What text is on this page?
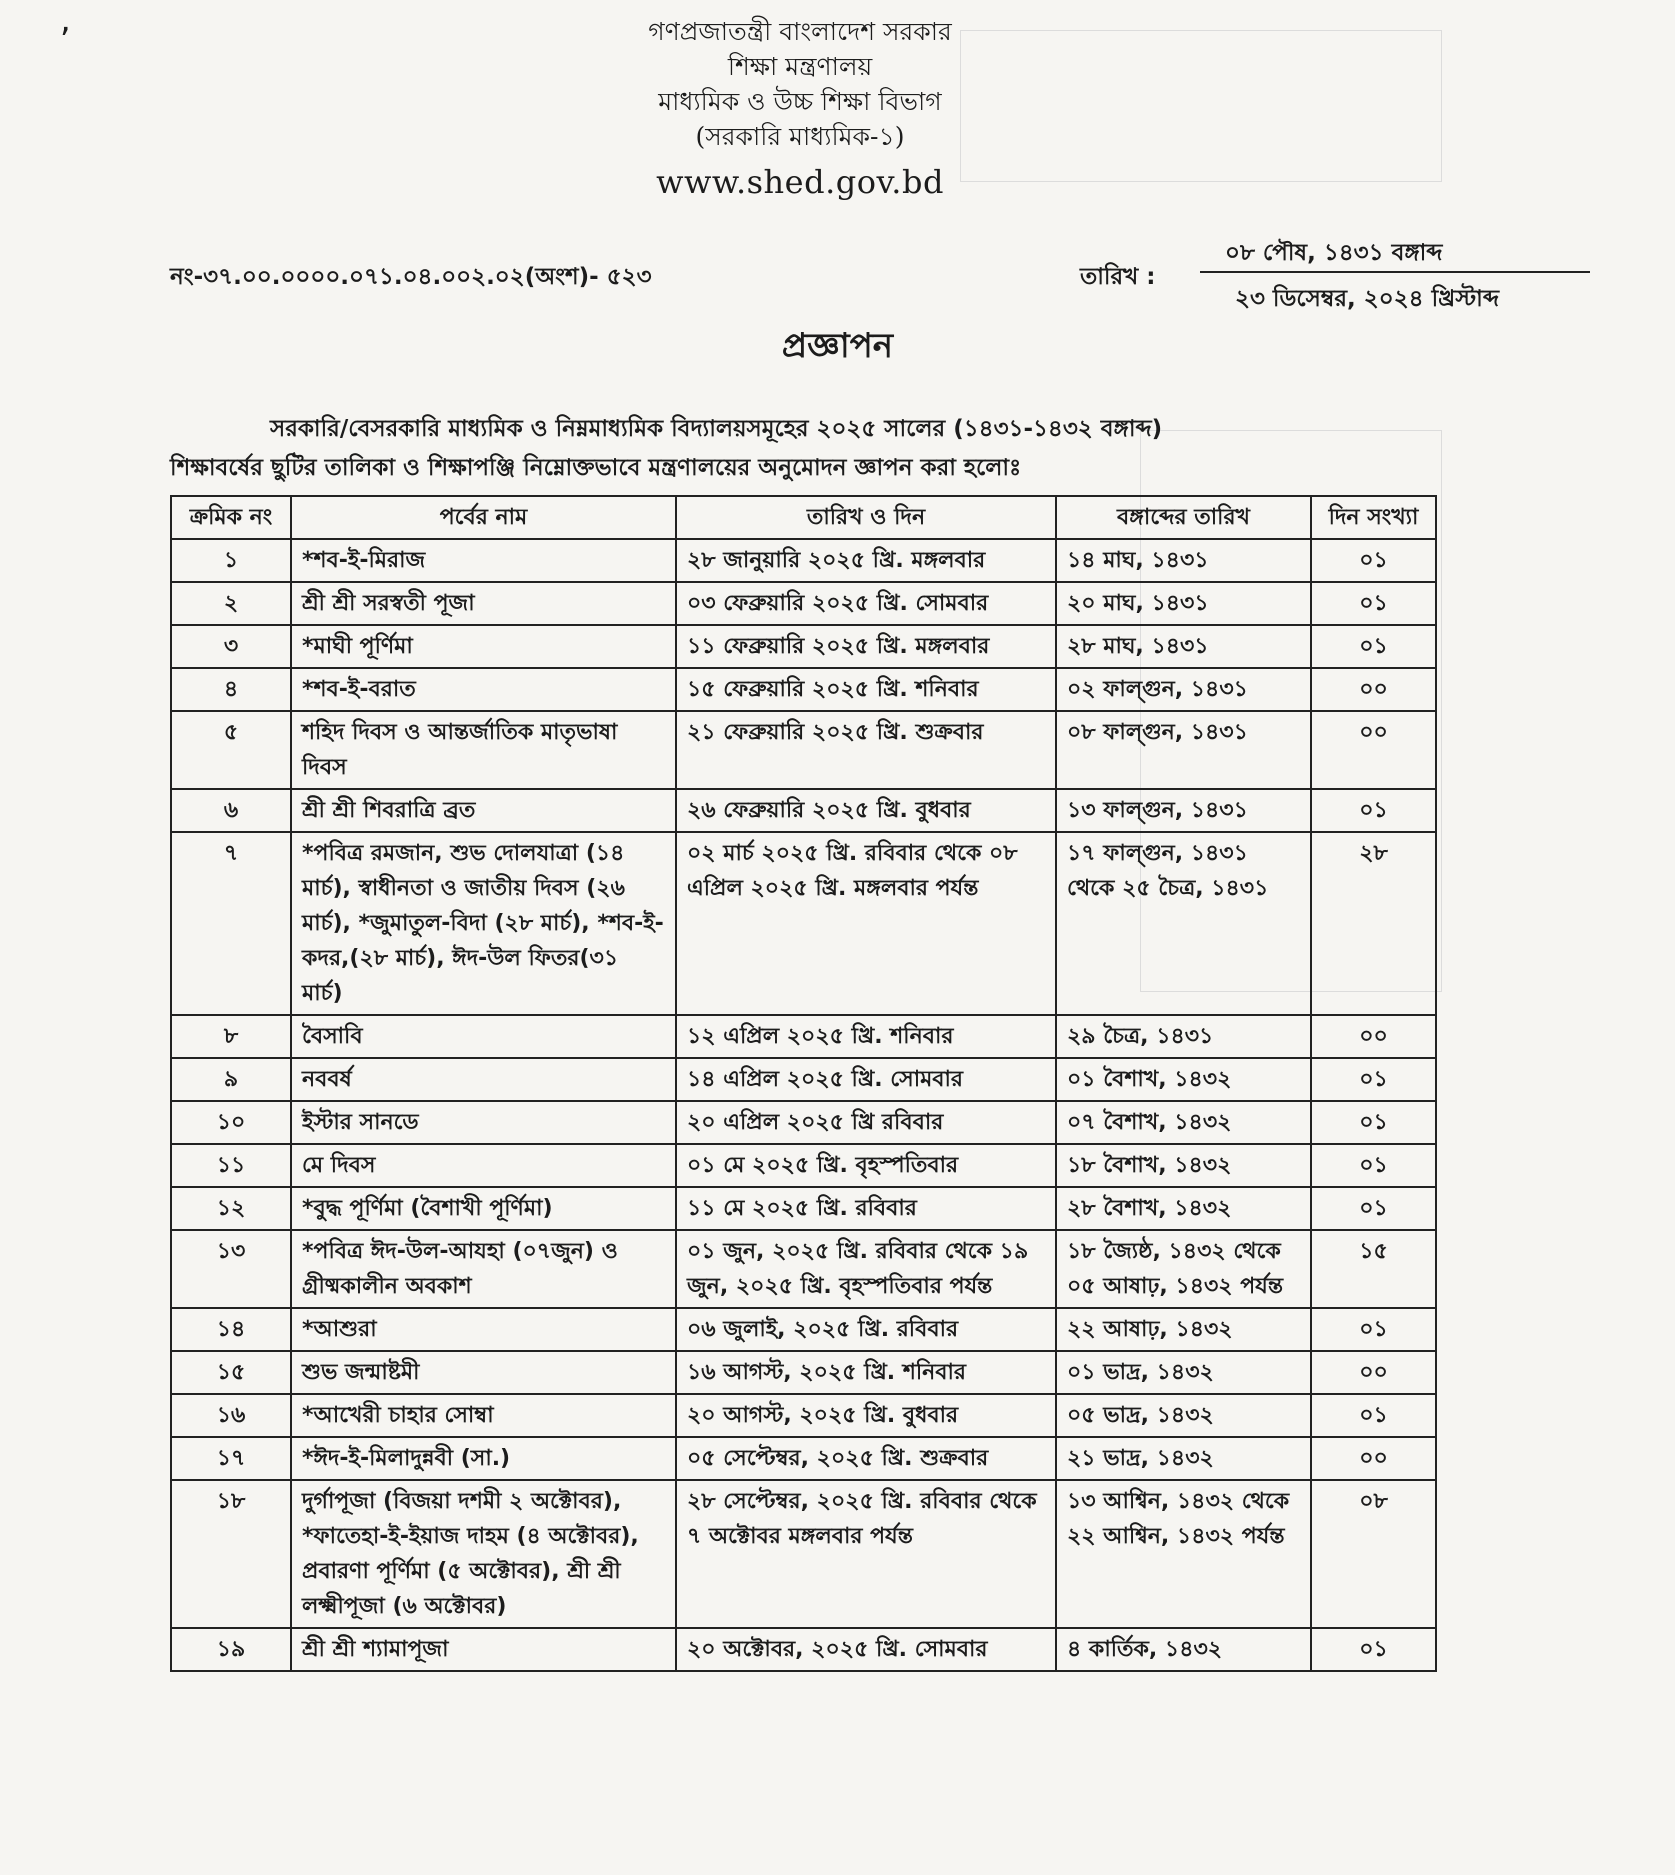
,	গণপ্রজাতন্ত্রী বাংলাদেশ সরকার
শিক্ষা মন্ত্রণালয়
মাধ্যমিক ও উচ্চ শিক্ষা বিভাগ
(সরকারি মাধ্যমিক-১)
www.shed.gov.bd
নং-৩৭.০০.০০০০.০৭১.০৪.০০২.০২(অংশ)- ৫২৩	তারিখ :
০৮ পৌষ, ১৪৩১ বঙ্গাব্দ
২৩ ডিসেম্বর, ২০২৪ খ্রিস্টাব্দ
প্রজ্ঞাপন
সরকারি/বেসরকারি মাধ্যমিক ও নিম্নমাধ্যমিক বিদ্যালয়সমূহের ২০২৫ সালের (১৪৩১-১৪৩২ বঙ্গাব্দ)
শিক্ষাবর্ষের ছুটির তালিকা ও শিক্ষাপঞ্জি নিম্নোক্তভাবে মন্ত্রণালয়ের অনুমোদন জ্ঞাপন করা হলোঃ
ক্রমিক নং	পর্বের নাম	তারিখ ও দিন	বঙ্গাব্দের তারিখ	দিন সংখ্যা
১	*শব-ই-মিরাজ	২৮ জানুয়ারি ২০২৫ খ্রি. মঙ্গলবার	১৪ মাঘ, ১৪৩১	০১
২	শ্রী শ্রী সরস্বতী পূজা	০৩ ফেব্রুয়ারি ২০২৫ খ্রি. সোমবার	২০ মাঘ, ১৪৩১	০১
৩	*মাঘী পূর্ণিমা	১১ ফেব্রুয়ারি ২০২৫ খ্রি. মঙ্গলবার	২৮ মাঘ, ১৪৩১	০১
৪	*শব-ই-বরাত	১৫ ফেব্রুয়ারি ২০২৫ খ্রি. শনিবার	০২ ফাল্গুন, ১৪৩১	০০
৫	শহিদ দিবস ও আন্তর্জাতিক মাতৃভাষা দিবস	২১ ফেব্রুয়ারি ২০২৫ খ্রি. শুক্রবার	০৮ ফাল্গুন, ১৪৩১	০০
৬	শ্রী শ্রী শিবরাত্রি ব্রত	২৬ ফেব্রুয়ারি ২০২৫ খ্রি. বুধবার	১৩ ফাল্গুন, ১৪৩১	০১
৭	*পবিত্র রমজান, শুভ দোলযাত্রা (১৪ মার্চ), স্বাধীনতা ও জাতীয় দিবস (২৬ মার্চ), *জুমাতুল-বিদা (২৮ মার্চ), *শব-ই-কদর,(২৮ মার্চ), ঈদ-উল ফিতর(৩১ মার্চ)	০২ মার্চ ২০২৫ খ্রি. রবিবার থেকে ০৮ এপ্রিল ২০২৫ খ্রি. মঙ্গলবার পর্যন্ত	১৭ ফাল্গুন, ১৪৩১ থেকে ২৫ চৈত্র, ১৪৩১	২৮
৮	বৈসাবি	১২ এপ্রিল ২০২৫ খ্রি. শনিবার	২৯ চৈত্র, ১৪৩১	০০
৯	নববর্ষ	১৪ এপ্রিল ২০২৫ খ্রি. সোমবার	০১ বৈশাখ, ১৪৩২	০১
১০	ইস্টার সানডে	২০ এপ্রিল ২০২৫ খ্রি রবিবার	০৭ বৈশাখ, ১৪৩২	০১
১১	মে দিবস	০১ মে ২০২৫ খ্রি. বৃহস্পতিবার	১৮ বৈশাখ, ১৪৩২	০১
১২	*বুদ্ধ পূর্ণিমা (বৈশাখী পূর্ণিমা)	১১ মে ২০২৫ খ্রি. রবিবার	২৮ বৈশাখ, ১৪৩২	০১
১৩	*পবিত্র ঈদ-উল-আযহা (০৭জুন) ও গ্রীষ্মকালীন অবকাশ	০১ জুন, ২০২৫ খ্রি. রবিবার থেকে ১৯ জুন, ২০২৫ খ্রি. বৃহস্পতিবার পর্যন্ত	১৮ জ্যৈষ্ঠ, ১৪৩২ থেকে ০৫ আষাঢ়, ১৪৩২ পর্যন্ত	১৫
১৪	*আশুরা	০৬ জুলাই, ২০২৫ খ্রি. রবিবার	২২ আষাঢ়, ১৪৩২	০১
১৫	শুভ জন্মাষ্টমী	১৬ আগস্ট, ২০২৫ খ্রি. শনিবার	০১ ভাদ্র, ১৪৩২	০০
১৬	*আখেরী চাহার সোম্বা	২০ আগস্ট, ২০২৫ খ্রি. বুধবার	০৫ ভাদ্র, ১৪৩২	০১
১৭	*ঈদ-ই-মিলাদুন্নবী (সা.)	০৫ সেপ্টেম্বর, ২০২৫ খ্রি. শুক্রবার	২১ ভাদ্র, ১৪৩২	০০
১৮	দুর্গাপূজা (বিজয়া দশমী ২ অক্টোবর), *ফাতেহা-ই-ইয়াজ দাহম (৪ অক্টোবর), প্রবারণা পূর্ণিমা (৫ অক্টোবর), শ্রী শ্রী লক্ষ্মীপূজা (৬ অক্টোবর)	২৮ সেপ্টেম্বর, ২০২৫ খ্রি. রবিবার থেকে ৭ অক্টোবর মঙ্গলবার পর্যন্ত	১৩ আশ্বিন, ১৪৩২ থেকে ২২ আশ্বিন, ১৪৩২ পর্যন্ত	০৮
১৯	শ্রী শ্রী শ্যামাপূজা	২০ অক্টোবর, ২০২৫ খ্রি. সোমবার	৪ কার্তিক, ১৪৩২	০১
